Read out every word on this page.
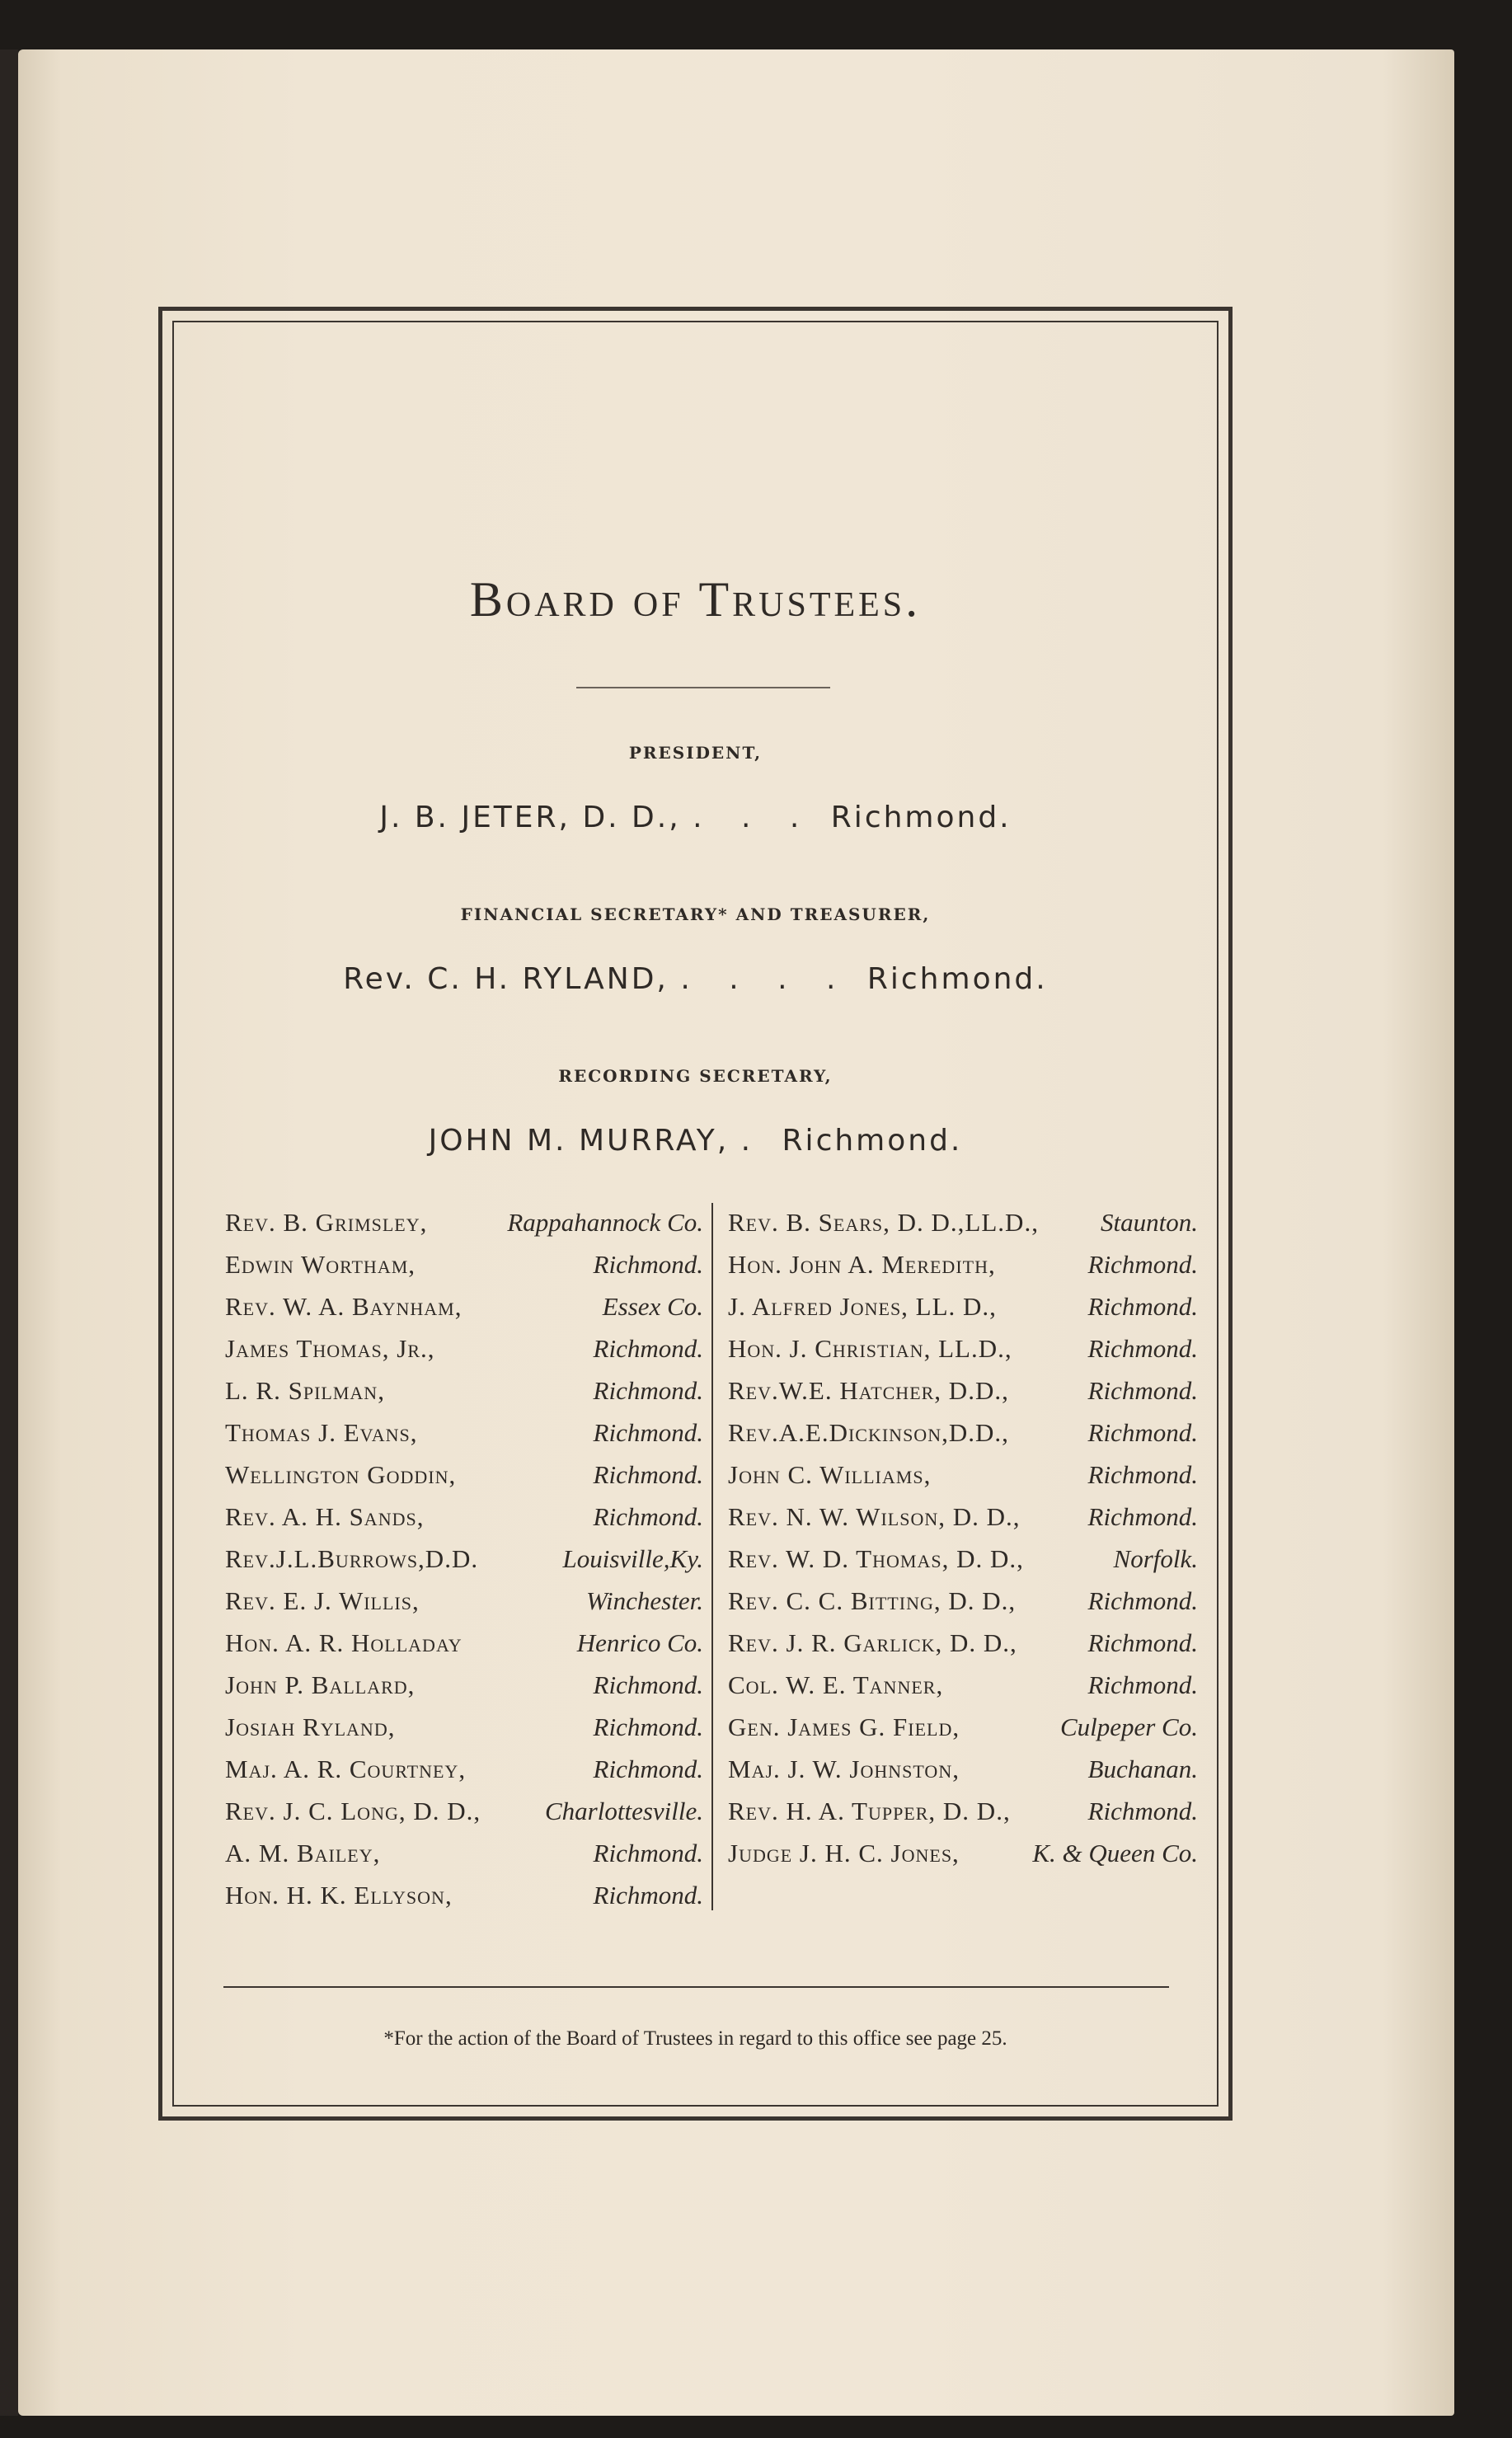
Board of Trustees.
PRESIDENT,
J. B. JETER, D. D., . . . Richmond.
FINANCIAL SECRETARY* AND TREASURER,
Rev. C. H. RYLAND, . . . . Richmond.
RECORDING SECRETARY,
JOHN M. MURRAY, . Richmond.
Rev. B. Grimsley,	Rappahannock Co.
Edwin Wortham,	Richmond.
Rev. W. A. Baynham,	Essex Co.
James Thomas, Jr.,	Richmond.
L. R. Spilman,	Richmond.
Thomas J. Evans,	Richmond.
Wellington Goddin,	Richmond.
Rev. A. H. Sands,	Richmond.
Rev.J.L.Burrows,D.D.	Louisville,Ky.
Rev. E. J. Willis,	Winchester.
Hon. A. R. Holladay	Henrico Co.
John P. Ballard,	Richmond.
Josiah Ryland,	Richmond.
Maj. A. R. Courtney,	Richmond.
Rev. J. C. Long, D. D.,	Charlottesville.
A. M. Bailey,	Richmond.
Hon. H. K. Ellyson,	Richmond.
Rev. B. Sears, D. D.,LL.D., Staunton.
Hon. John A. Meredith,	Richmond.
J. Alfred Jones, LL. D.,	Richmond.
Hon. J. Christian, LL.D.,	Richmond.
Rev.W.E. Hatcher, D.D.,	Richmond.
Rev.A.E.Dickinson,D.D.,	Richmond.
John C. Williams,	Richmond.
Rev. N. W. Wilson, D. D.,	Richmond.
Rev. W. D. Thomas, D. D.,	Norfolk.
Rev. C. C. Bitting, D. D.,	Richmond.
Rev. J. R. Garlick, D. D.,	Richmond.
Col. W. E. Tanner,	Richmond.
Gen. James G. Field,	Culpeper Co.
Maj. J. W. Johnston,	Buchanan.
Rev. H. A. Tupper, D. D.,	Richmond.
Judge J. H. C. Jones,	K. & Queen Co.
*For the action of the Board of Trustees in regard to this office see page 25.
